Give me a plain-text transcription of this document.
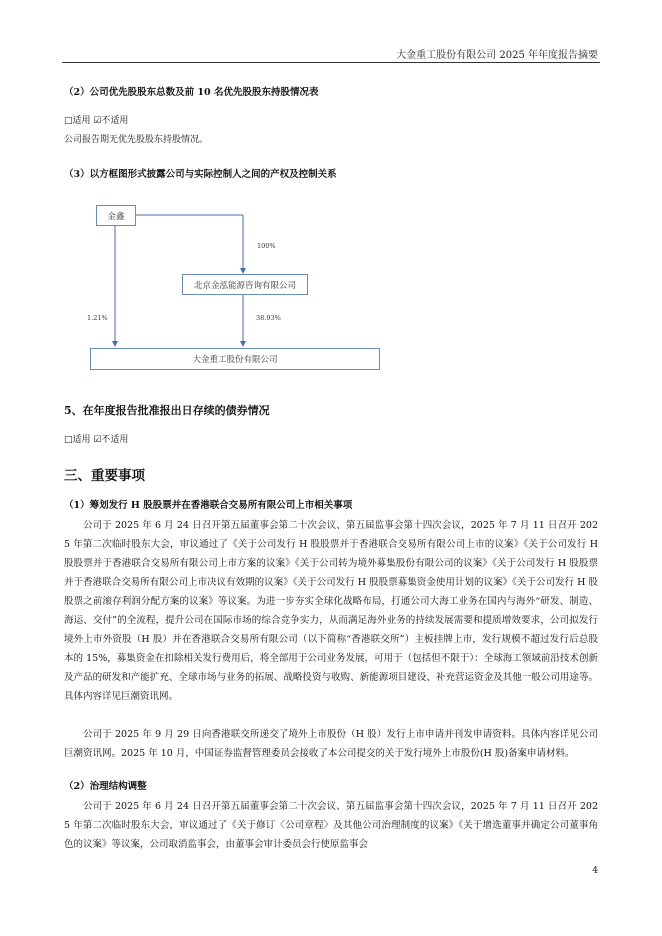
大金重工股份有限公司 2025 年年度报告摘要

（2）公司优先股股东总数及前 10 名优先股股东持股情况表

□适用 ☑不适用

公司报告期无优先股股东持股情况。

（3）以方框图形式披露公司与实际控制人之间的产权及控制关系

金鑫
北京金泓能源咨询有限公司
大金重工股份有限公司
100%
1.21%	38.93%

5、在年度报告批准报出日存续的债券情况

□适用 ☑不适用

三、重要事项

（1）筹划发行 H 股股票并在香港联合交易所有限公司上市相关事项

公司于 2025 年 6 月 24 日召开第五届董事会第二十次会议、第五届监事会第十四次会议，2025 年 7 月 11 日召开 2025 年第二次临时股东大会，审议通过了《关于公司发行 H 股股票并于香港联合交易所有限公司上市的议案》《关于公司发行 H 股股票并于香港联合交易所有限公司上市方案的议案》《关于公司转为境外募集股份有限公司的议案》《关于公司发行 H 股股票并于香港联合交易所有限公司上市决议有效期的议案》《关于公司发行 H 股股票募集资金使用计划的议案》《关于公司发行 H 股股票之前滚存利润分配方案的议案》等议案。为进一步夯实全球化战略布局，打通公司大海工业务在国内与海外“研发、制造、海运、交付”的全流程，提升公司在国际市场的综合竞争实力，从而满足海外业务的持续发展需要和提质增效要求，公司拟发行境外上市外资股（H 股）并在香港联合交易所有限公司（以下简称“香港联交所”）主板挂牌上市，发行规模不超过发行后总股本的 15%，募集资金在扣除相关发行费用后，将全部用于公司业务发展，可用于（包括但不限于）：全球海工领域前沿技术创新及产品的研发和产能扩充、全球市场与业务的拓展、战略投资与收购、新能源项目建设、补充营运资金及其他一般公司用途等。具体内容详见巨潮资讯网。

公司于 2025 年 9 月 29 日向香港联交所递交了境外上市股份（H 股）发行上市申请并刊发申请资料。具体内容详见公司巨潮资讯网。2025 年 10 月，中国证券监督管理委员会接收了本公司提交的关于发行境外上市股份(H 股)备案申请材料。

（2）治理结构调整

公司于 2025 年 6 月 24 日召开第五届董事会第二十次会议、第五届监事会第十四次会议，2025 年 7 月 11 日召开 2025 年第二次临时股东大会，审议通过了《关于修订〈公司章程〉及其他公司治理制度的议案》《关于增选董事并确定公司董事角色的议案》等议案，公司取消监事会，由董事会审计委员会行使原监事会

4
